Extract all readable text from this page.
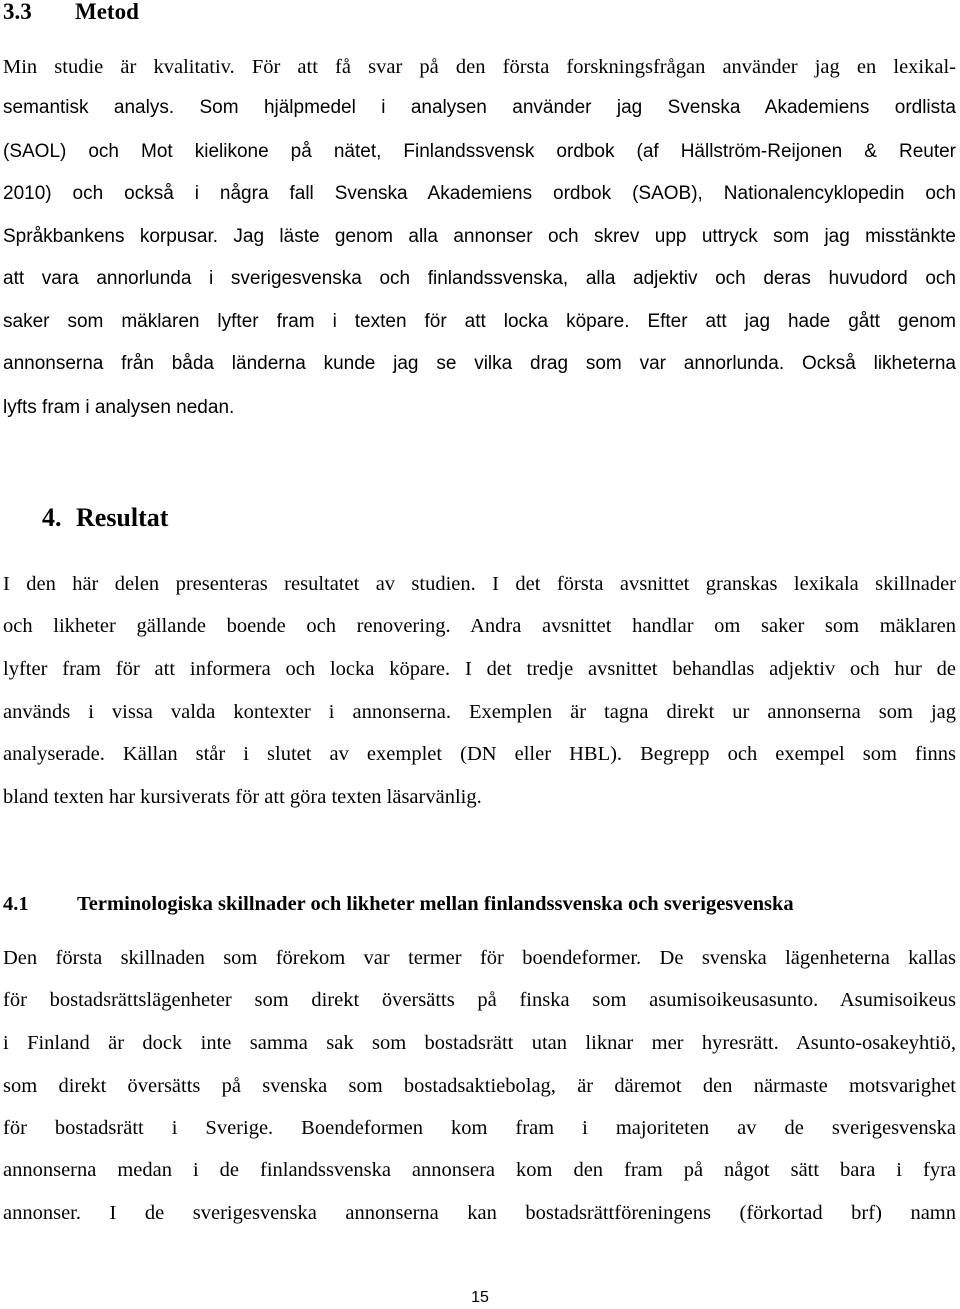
3.3 Metod

Min studie är kvalitativ. För att få svar på den första forskningsfrågan använder jag en lexikal-

semantisk analys. Som hjälpmedel i analysen använder jag Svenska Akademiens ordlista

(SAOL) och Mot kielikone på nätet, Finlandssvensk ordbok (af Hällström-Reijonen & Reuter

2010) och också i några fall Svenska Akademiens ordbok (SAOB), Nationalencyklopedin och

Språkbankens korpusar. Jag läste genom alla annonser och skrev upp uttryck som jag misstänkte

att vara annorlunda i sverigesvenska och finlandssvenska, alla adjektiv och deras huvudord och

saker som mäklaren lyfter fram i texten för att locka köpare. Efter att jag hade gått genom

annonserna från båda länderna kunde jag se vilka drag som var annorlunda. Också likheterna

lyfts fram i analysen nedan.

4. Resultat

I den här delen presenteras resultatet av studien. I det första avsnittet granskas lexikala skillnader

och likheter gällande boende och renovering. Andra avsnittet handlar om saker som mäklaren

lyfter fram för att informera och locka köpare. I det tredje avsnittet behandlas adjektiv och hur de

används i vissa valda kontexter i annonserna. Exemplen är tagna direkt ur annonserna som jag

analyserade. Källan står i slutet av exemplet (DN eller HBL). Begrepp och exempel som finns

bland texten har kursiverats för att göra texten läsarvänlig.

4.1 Terminologiska skillnader och likheter mellan finlandssvenska och sverigesvenska

Den första skillnaden som förekom var termer för boendeformer. De svenska lägenheterna kallas

för bostadsrättslägenheter som direkt översätts på finska som asumisoikeusasunto. Asumisoikeus

i Finland är dock inte samma sak som bostadsrätt utan liknar mer hyresrätt. Asunto-osakeyhtiö,

som direkt översätts på svenska som bostadsaktiebolag, är däremot den närmaste motsvarighet

för bostadsrätt i Sverige. Boendeformen kom fram i majoriteten av de sverigesvenska

annonserna medan i de finlandssvenska annonsera kom den fram på något sätt bara i fyra

annonser. I de sverigesvenska annonserna kan bostadsrättföreningens (förkortad brf) namn

15
